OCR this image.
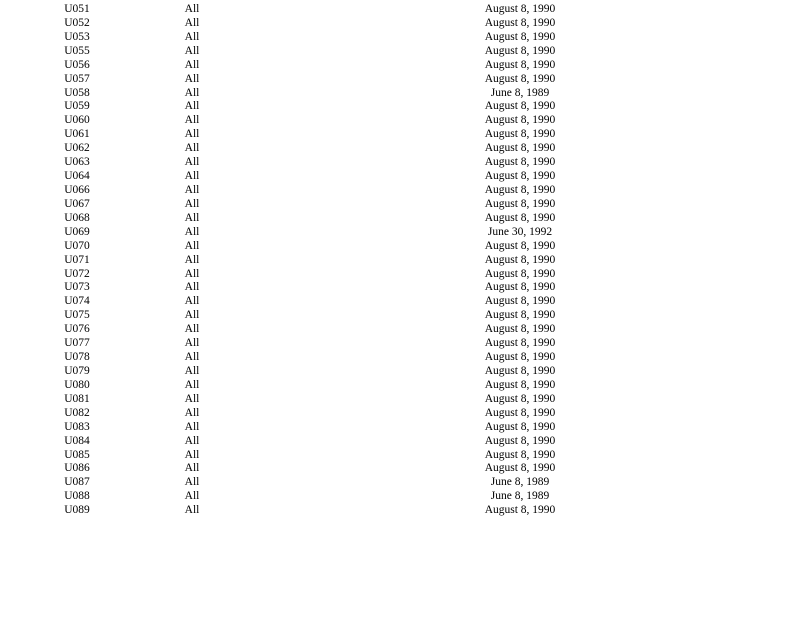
U051	All	August 8, 1990
U052	All	August 8, 1990
U053	All	August 8, 1990
U055	All	August 8, 1990
U056	All	August 8, 1990
U057	All	August 8, 1990
U058	All	June 8, 1989
U059	All	August 8, 1990
U060	All	August 8, 1990
U061	All	August 8, 1990
U062	All	August 8, 1990
U063	All	August 8, 1990
U064	All	August 8, 1990
U066	All	August 8, 1990
U067	All	August 8, 1990
U068	All	August 8, 1990
U069	All	June 30, 1992
U070	All	August 8, 1990
U071	All	August 8, 1990
U072	All	August 8, 1990
U073	All	August 8, 1990
U074	All	August 8, 1990
U075	All	August 8, 1990
U076	All	August 8, 1990
U077	All	August 8, 1990
U078	All	August 8, 1990
U079	All	August 8, 1990
U080	All	August 8, 1990
U081	All	August 8, 1990
U082	All	August 8, 1990
U083	All	August 8, 1990
U084	All	August 8, 1990
U085	All	August 8, 1990
U086	All	August 8, 1990
U087	All	June 8, 1989
U088	All	June 8, 1989
U089	All	August 8, 1990
